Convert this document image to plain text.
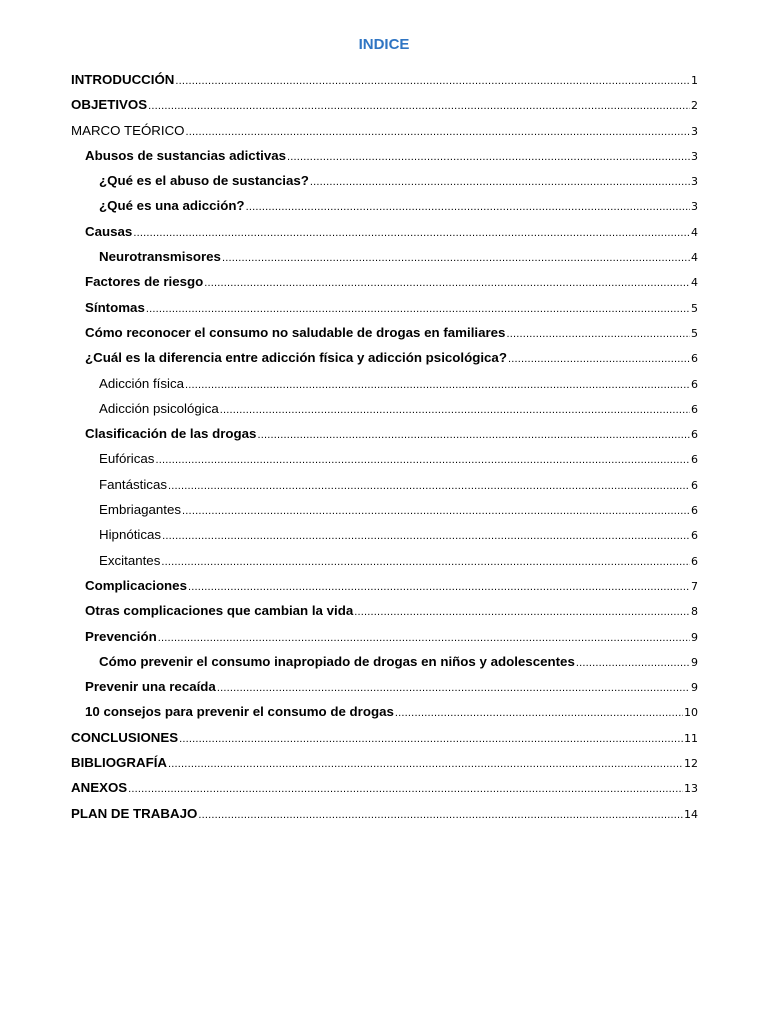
INDICE
INTRODUCCIÓN .....	1
OBJETIVOS .....	2
MARCO TEÓRICO .....	3
Abusos de sustancias adictivas .....	3
¿Qué es el abuso de sustancias? .....	3
¿Qué es una adicción? .....	3
Causas .....	4
Neurotransmisores .....	4
Factores de riesgo .....	4
Síntomas .....	5
Cómo reconocer el consumo no saludable de drogas en familiares .....	5
¿Cuál es la diferencia entre adicción física y adicción psicológica? .....	6
Adicción física .....	6
Adicción psicológica .....	6
Clasificación de las drogas .....	6
Eufóricas .....	6
Fantásticas .....	6
Embriagantes .....	6
Hipnóticas .....	6
Excitantes .....	6
Complicaciones .....	7
Otras complicaciones que cambian la vida .....	8
Prevención .....	9
Cómo prevenir el consumo inapropiado de drogas en niños y adolescentes .....	9
Prevenir una recaída .....	9
10 consejos para prevenir el consumo de drogas .....	10
CONCLUSIONES .....	11
BIBLIOGRAFÍA .....	12
ANEXOS .....	13
PLAN DE TRABAJO .....	14
